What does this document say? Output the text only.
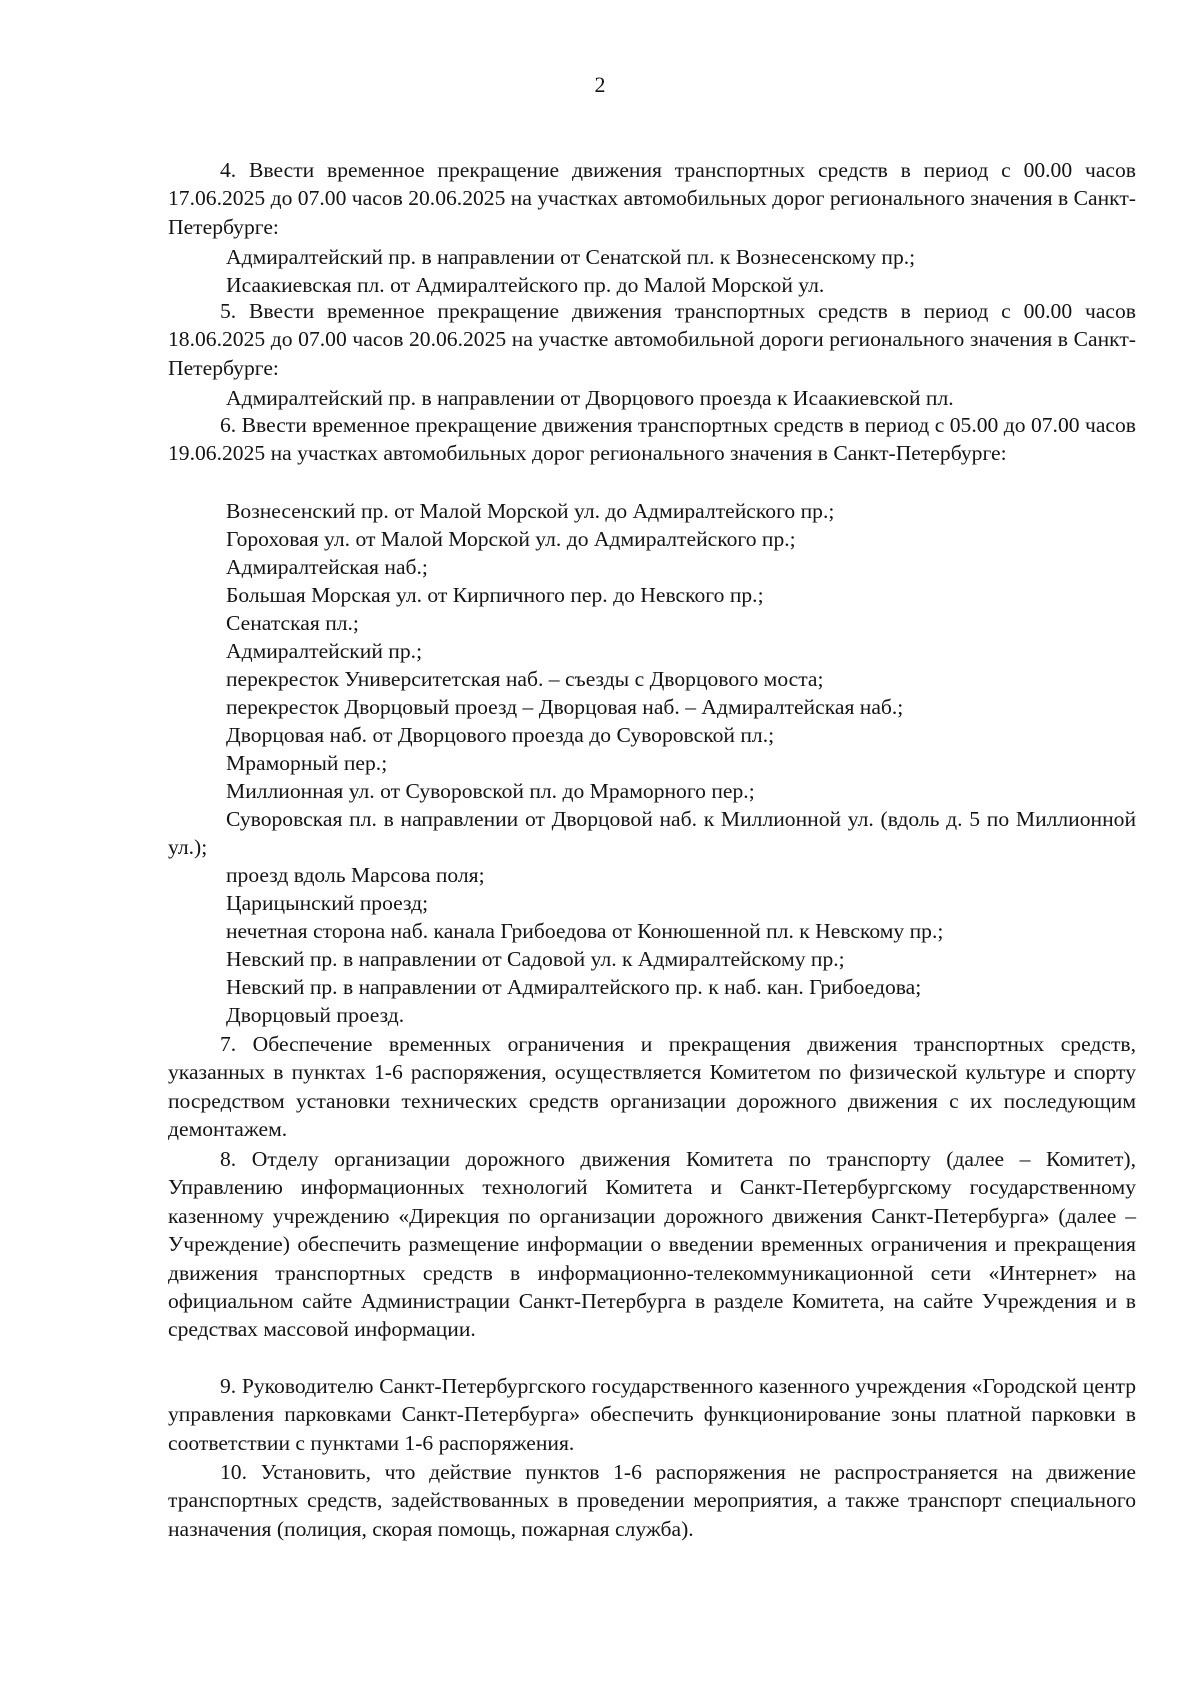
2
4. Ввести временное прекращение движения транспортных средств в период с 00.00 часов 17.06.2025 до 07.00 часов 20.06.2025 на участках автомобильных дорог регионального значения в Санкт-Петербурге:
Адмиралтейский пр. в направлении от Сенатской пл. к Вознесенскому пр.;
Исаакиевская пл. от Адмиралтейского пр. до Малой Морской ул.
5. Ввести временное прекращение движения транспортных средств в период с 00.00 часов 18.06.2025 до 07.00 часов 20.06.2025 на участке автомобильной дороги регионального значения в Санкт-Петербурге:
Адмиралтейский пр. в направлении от Дворцового проезда к Исаакиевской пл.
6. Ввести временное прекращение движения транспортных средств в период с 05.00 до 07.00 часов 19.06.2025 на участках автомобильных дорог регионального значения в Санкт-Петербурге:
Вознесенский пр. от Малой Морской ул. до Адмиралтейского пр.;
Гороховая ул. от Малой Морской ул. до Адмиралтейского пр.;
Адмиралтейская наб.;
Большая Морская ул. от Кирпичного пер. до Невского пр.;
Сенатская пл.;
Адмиралтейский пр.;
перекресток Университетская наб. – съезды с Дворцового моста;
перекресток Дворцовый проезд – Дворцовая наб. – Адмиралтейская наб.;
Дворцовая наб. от Дворцового проезда до Суворовской пл.;
Мраморный пер.;
Миллионная ул. от Суворовской пл. до Мраморного пер.;
Суворовская пл. в направлении от Дворцовой наб. к Миллионной ул. (вдоль д. 5 по Миллионной ул.);
проезд вдоль Марсова поля;
Царицынский проезд;
нечетная сторона наб. канала Грибоедова от Конюшенной пл. к Невскому пр.;
Невский пр. в направлении от Садовой ул. к Адмиралтейскому пр.;
Невский пр. в направлении от Адмиралтейского пр. к наб. кан. Грибоедова;
Дворцовый проезд.
7. Обеспечение временных ограничения и прекращения движения транспортных средств, указанных в пунктах 1-6 распоряжения, осуществляется Комитетом по физической культуре и спорту посредством установки технических средств организации дорожного движения с их последующим демонтажем.
8. Отделу организации дорожного движения Комитета по транспорту (далее – Комитет), Управлению информационных технологий Комитета и Санкт-Петербургскому государственному казенному учреждению «Дирекция по организации дорожного движения Санкт-Петербурга» (далее – Учреждение) обеспечить размещение информации о введении временных ограничения и прекращения движения транспортных средств в информационно-телекоммуникационной сети «Интернет» на официальном сайте Администрации Санкт-Петербурга в разделе Комитета, на сайте Учреждения и в средствах массовой информации.
9. Руководителю Санкт-Петербургского государственного казенного учреждения «Городской центр управления парковками Санкт-Петербурга» обеспечить функционирование зоны платной парковки в соответствии с пунктами 1-6 распоряжения.
10. Установить, что действие пунктов 1-6 распоряжения не распространяется на движение транспортных средств, задействованных в проведении мероприятия, а также транспорт специального назначения (полиция, скорая помощь, пожарная служба).
